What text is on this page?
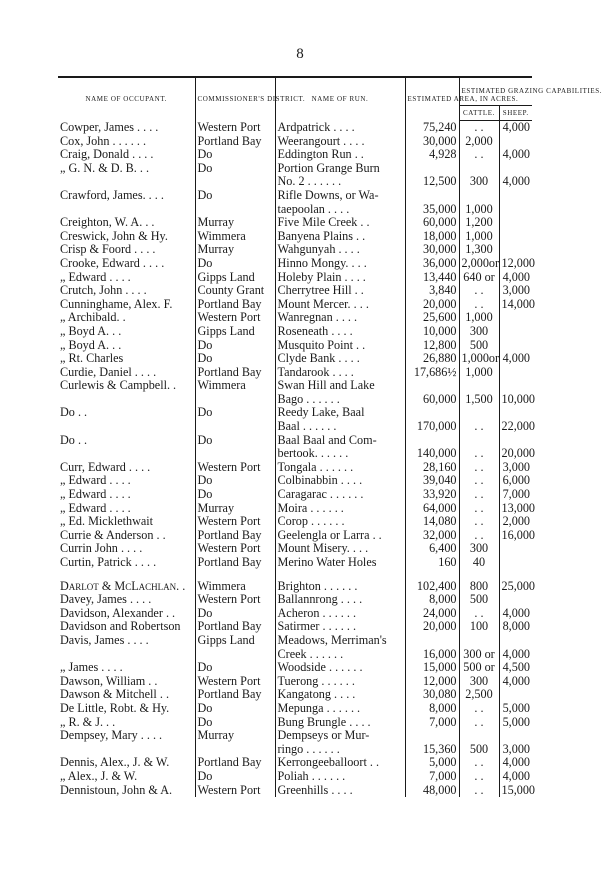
8
NAME OF OCCUPANT.	COMMISSIONER'S DISTRICT.	NAME OF RUN.	ESTIMATED AREA, IN ACRES.	ESTIMATED GRAZING CAPABILITIES.	
				CATTLE.	SHEEP.
Cowper, James . . . .	Western Port	Ardpatrick . . . .	75,240	. .	4,000
Cox, John . . . . . .	Portland Bay	Weerangourt . . . .	30,000	2,000	
Craig, Donald . . . .	Do	Eddington Run . .	4,928	. .	4,000
„ G. N. & D. B. . .	Do	Portion Grange Burn			
		No. 2 . . . . . .	12,500	300	4,000
Crawford, James. . . .	Do	Rifle Downs, or Wa-			
		taepoolan . . . .	35,000	1,000	
Creighton, W. A. . .	Murray	Five Mile Creek . .	60,000	1,200	
Creswick, John & Hy.	Wimmera	Banyena Plains . .	18,000	1,000	
Crisp & Foord . . . .	Murray	Wahgunyah . . . .	30,000	1,300	
Crooke, Edward . . . .	Do	Hinno Mongy. . . .	36,000	2,000or	12,000
„ Edward . . . .	Gipps Land	Holeby Plain . . . .	13,440	640 or	4,000
Crutch, John . . . .	County Grant	Cherrytree Hill . .	3,840	. .	3,000
Cunninghame, Alex. F.	Portland Bay	Mount Mercer. . . .	20,000	. .	14,000
„ Archibald. .	Western Port	Wanregnan . . . .	25,600	1,000	
„ Boyd A. . .	Gipps Land	Roseneath . . . .	10,000	300	
„ Boyd A. . .	Do	Musquito Point . .	12,800	500	
„ Rt. Charles	Do	Clyde Bank . . . .	26,880	1,000or	4,000
Curdie, Daniel . . . .	Portland Bay	Tandarook . . . .	17,686½	1,000	
Curlewis & Campbell. .	Wimmera	Swan Hill and Lake			
		Bago . . . . . .	60,000	1,500	10,000
Do . .	Do	Reedy Lake, Baal			
		Baal . . . . . .	170,000	. .	22,000
Do . .	Do	Baal Baal and Com-			
		bertook. . . . . .	140,000	. .	20,000
Curr, Edward . . . .	Western Port	Tongala . . . . . .	28,160	. .	3,000
„ Edward . . . .	Do	Colbinabbin . . . .	39,040	. .	6,000
„ Edward . . . .	Do	Caragarac . . . . . .	33,920	. .	7,000
„ Edward . . . .	Murray	Moira . . . . . .	64,000	. .	13,000
„ Ed. Micklethwait	Western Port	Corop . . . . . .	14,080	. .	2,000
Currie & Anderson . .	Portland Bay	Geelengla or Larra . .	32,000	. .	16,000
Currin John . . . .	Western Port	Mount Misery. . . .	6,400	300	
Curtin, Patrick . . . .	Portland Bay	Merino Water Holes	160	40	

Darlot & McLachlan. .	Wimmera	Brighton . . . . . .	102,400	800	25,000
Davey, James . . . .	Western Port	Ballannrong . . . .	8,000	500	
Davidson, Alexander . .	Do	Acheron . . . . . .	24,000	. .	4,000
Davidson and Robertson	Portland Bay	Satirmer . . . . . .	20,000	100	8,000
Davis, James . . . .	Gipps Land	Meadows, Merriman's			
		Creek . . . . . .	16,000	300 or	4,000
„ James . . . .	Do	Woodside . . . . . .	15,000	500 or	4,500
Dawson, William . .	Western Port	Tuerong . . . . . .	12,000	300	4,000
Dawson & Mitchell . .	Portland Bay	Kangatong . . . .	30,080	2,500	
De Little, Robt. & Hy.	Do	Mepunga . . . . . .	8,000	. .	5,000
„ R. & J. . .	Do	Bung Brungle . . . .	7,000	. .	5,000
Dempsey, Mary . . . .	Murray	Dempseys or Mur-			
		ringo . . . . . .	15,360	500	3,000
Dennis, Alex., J. & W.	Portland Bay	Kerrongeeballoort . .	5,000	. .	4,000
„ Alex., J. & W.	Do	Poliah . . . . . .	7,000	. .	4,000
Dennistoun, John & A.	Western Port	Greenhills . . . .	48,000	. .	15,000
